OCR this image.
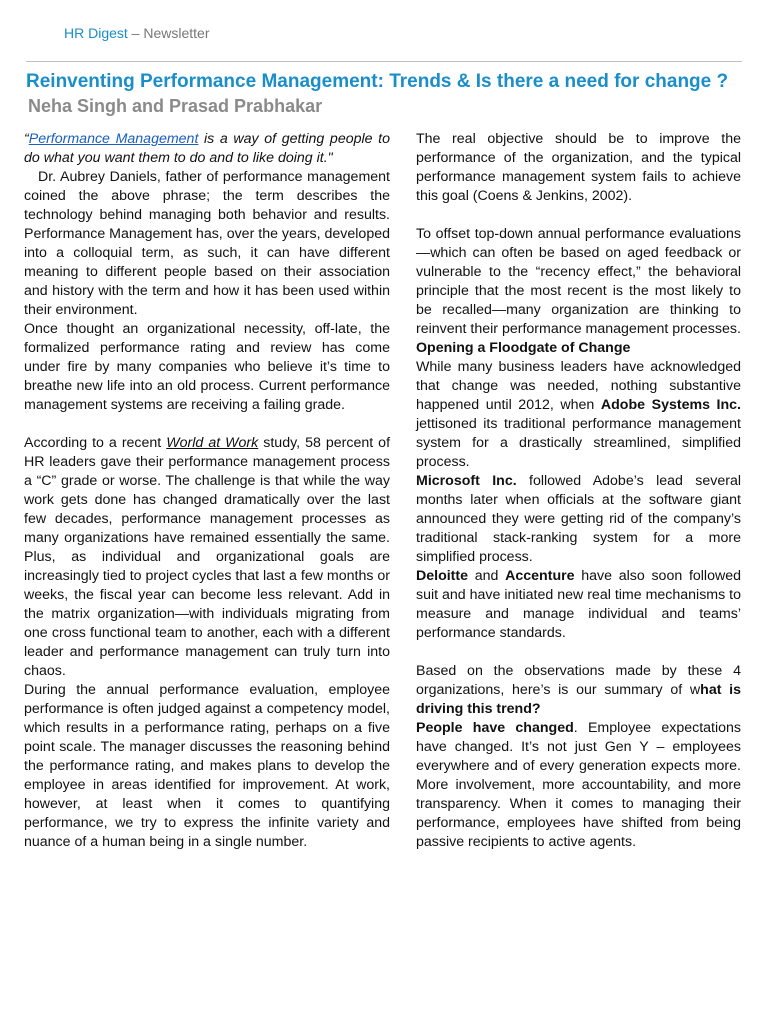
HR Digest – Newsletter
Reinventing Performance Management: Trends & Is there a need for change ?
Neha Singh and Prasad Prabhakar

“Performance Management is a way of getting people to do what you want them to do and to like doing it."

Dr. Aubrey Daniels, father of performance management coined the above phrase; the term describes the technology behind managing both behavior and results. Performance Management has, over the years, developed into a colloquial term, as such, it can have different meaning to different people based on their association and history with the term and how it has been used within their environment.

Once thought an organizational necessity, off-late, the formalized performance rating and review has come under fire by many companies who believe it’s time to breathe new life into an old process. Current performance management systems are receiving a failing grade.

According to a recent World at Work study, 58 percent of HR leaders gave their performance management process a “C” grade or worse. The challenge is that while the way work gets done has changed dramatically over the last few decades, performance management processes as many organizations have remained essentially the same. Plus, as individual and organizational goals are increasingly tied to project cycles that last a few months or weeks, the fiscal year can become less relevant. Add in the matrix organization—with individuals migrating from one cross functional team to another, each with a different leader and performance management can truly turn into chaos.

During the annual performance evaluation, employee performance is often judged against a competency model, which results in a performance rating, perhaps on a five point scale. The manager discusses the reasoning behind the performance rating, and makes plans to develop the employee in areas identified for improvement. At work, however, at least when it comes to quantifying performance, we try to express the infinite variety and nuance of a human being in a single number.

The real objective should be to improve the performance of the organization, and the typical performance management system fails to achieve this goal (Coens & Jenkins, 2002).

To offset top-down annual performance evaluations—which can often be based on aged feedback or vulnerable to the “recency effect,” the behavioral principle that the most recent is the most likely to be recalled—many organization are thinking to reinvent their performance management processes.

Opening a Floodgate of Change

While many business leaders have acknowledged that change was needed, nothing substantive happened until 2012, when Adobe Systems Inc. jettisoned its traditional performance management system for a drastically streamlined, simplified process.

Microsoft Inc. followed Adobe’s lead several months later when officials at the software giant announced they were getting rid of the company’s traditional stack-ranking system for a more simplified process.

Deloitte and Accenture have also soon followed suit and have initiated new real time mechanisms to measure and manage individual and teams’ performance standards.

Based on the observations made by these 4 organizations, here’s is our summary of what is driving this trend?

People have changed. Employee expectations have changed. It’s not just Gen Y – employees everywhere and of every generation expects more. More involvement, more accountability, and more transparency. When it comes to managing their performance, employees have shifted from being passive recipients to active agents.
